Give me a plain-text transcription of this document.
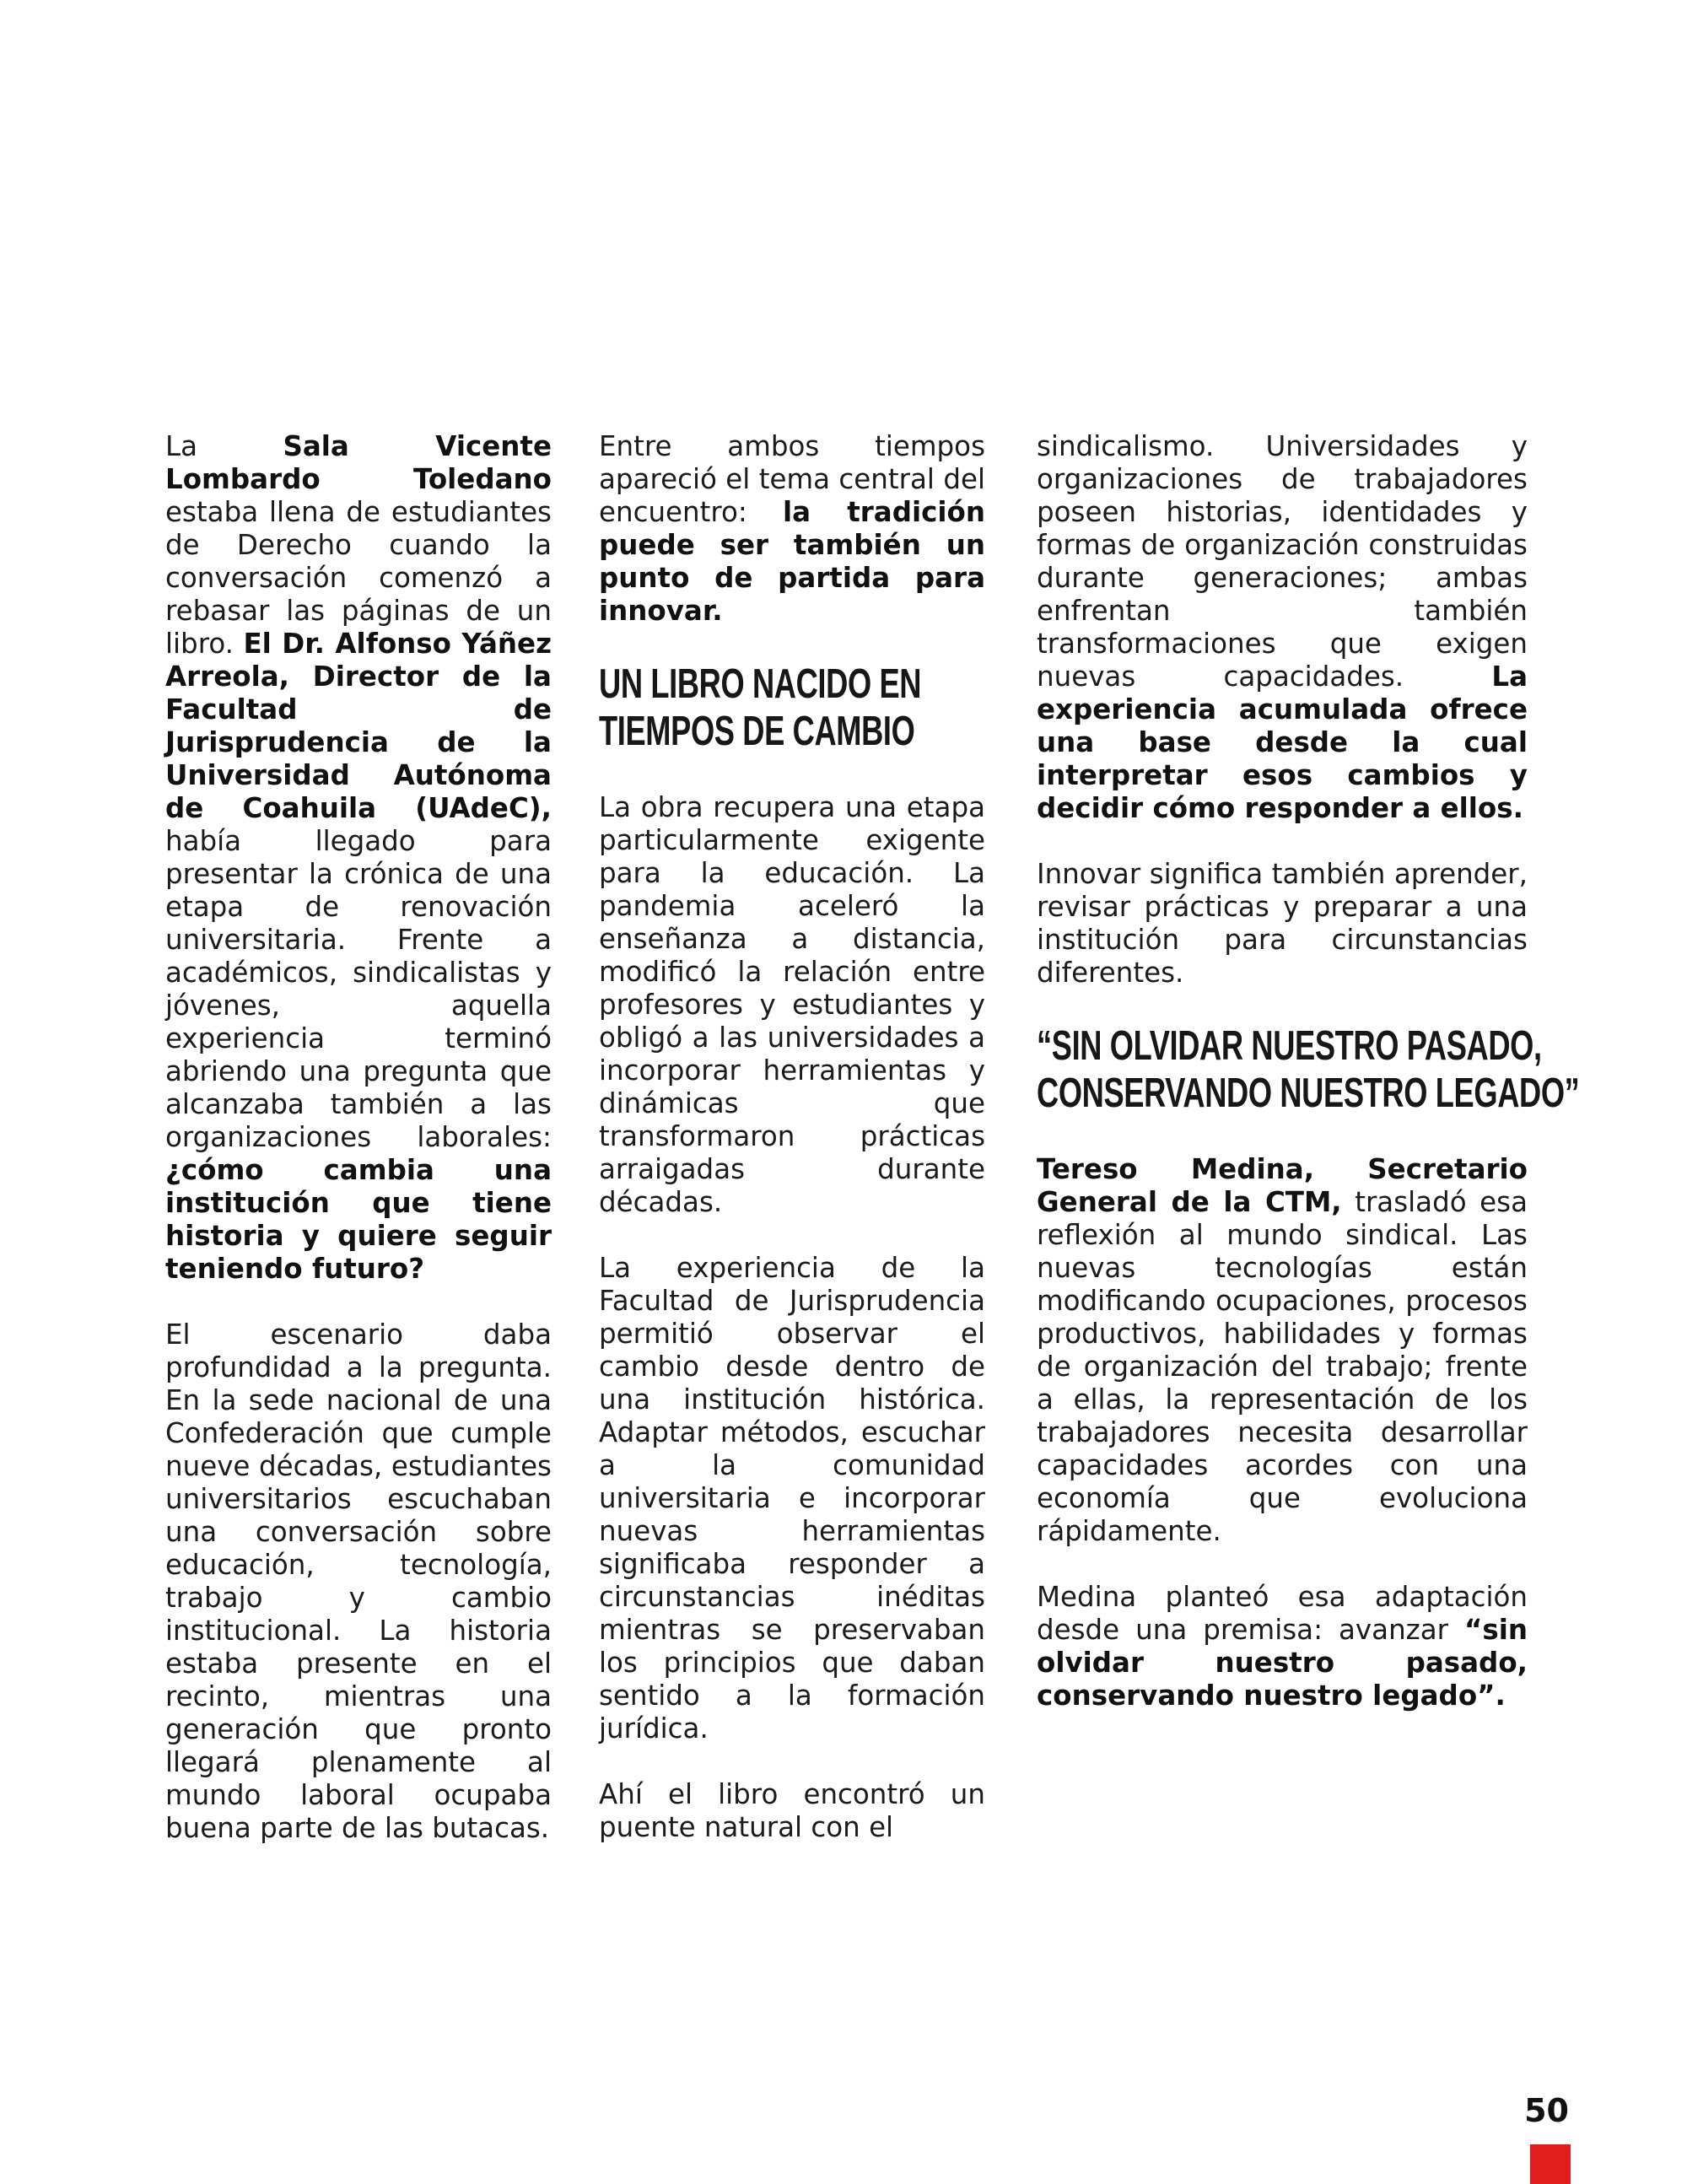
La Sala Vicente Lombardo Toledano estaba llena de estudiantes de Derecho cuando la conversación comenzó a rebasar las páginas de un libro. El Dr. Alfonso Yáñez Arreola, Director de la Facultad de Jurisprudencia de la Universidad Autónoma de Coahuila (UAdeC), había llegado para presentar la crónica de una etapa de renovación universitaria. Frente a académicos, sindicalistas y jóvenes, aquella experiencia terminó abriendo una pregunta que alcanzaba también a las organizaciones laborales: ¿cómo cambia una institución que tiene historia y quiere seguir teniendo futuro?

El escenario daba profundidad a la pregunta. En la sede nacional de una Confederación que cumple nueve décadas, estudiantes universitarios escuchaban una conversación sobre educación, tecnología, trabajo y cambio institucional. La historia estaba presente en el recinto, mientras una generación que pronto llegará plenamente al mundo laboral ocupaba buena parte de las butacas.

Entre ambos tiempos apareció el tema central del encuentro: la tradición puede ser también un punto de partida para innovar.

UN LIBRO NACIDO EN
TIEMPOS DE CAMBIO

La obra recupera una etapa particularmente exigente para la educación. La pandemia aceleró la enseñanza a distancia, modificó la relación entre profesores y estudiantes y obligó a las universidades a incorporar herramientas y dinámicas que transformaron prácticas arraigadas durante décadas.

La experiencia de la Facultad de Jurisprudencia permitió observar el cambio desde dentro de una institución histórica. Adaptar métodos, escuchar a la comunidad universitaria e incorporar nuevas herramientas significaba responder a circunstancias inéditas mientras se preservaban los principios que daban sentido a la formación jurídica.

Ahí el libro encontró un puente natural con el

sindicalismo. Universidades y organizaciones de trabajadores poseen historias, identidades y formas de organización construidas durante generaciones; ambas enfrentan también transformaciones que exigen nuevas capacidades. La experiencia acumulada ofrece una base desde la cual interpretar esos cambios y decidir cómo responder a ellos.

Innovar significa también aprender, revisar prácticas y preparar a una institución para circunstancias diferentes.

“SIN OLVIDAR NUESTRO PASADO,
CONSERVANDO NUESTRO LEGADO”

Tereso Medina, Secretario General de la CTM, trasladó esa reflexión al mundo sindical. Las nuevas tecnologías están modificando ocupaciones, procesos productivos, habilidades y formas de organización del trabajo; frente a ellas, la representación de los trabajadores necesita desarrollar capacidades acordes con una economía que evoluciona rápidamente.

Medina planteó esa adaptación desde una premisa: avanzar “sin olvidar nuestro pasado, conservando nuestro legado”.

50
